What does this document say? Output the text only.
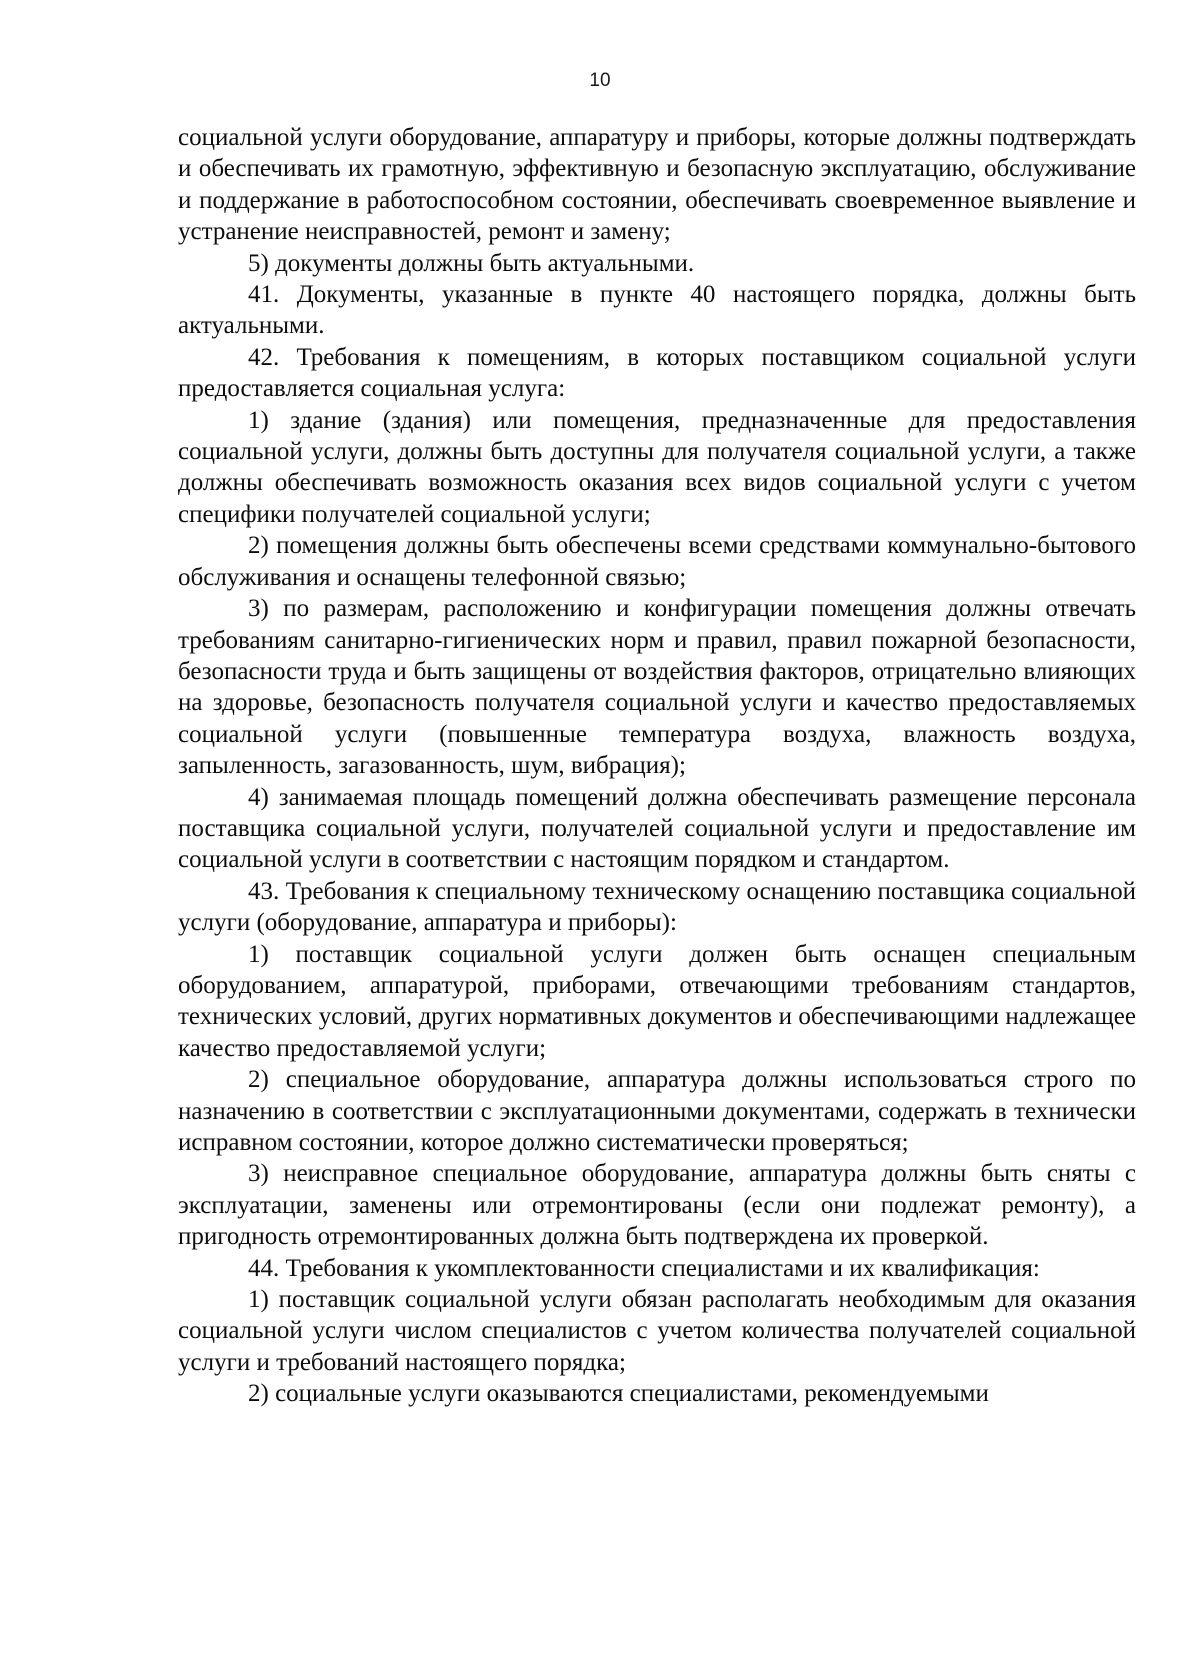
10

социальной услуги оборудование, аппаратуру и приборы, которые должны подтверждать и обеспечивать их грамотную, эффективную и безопасную эксплуатацию, обслуживание и поддержание в работоспособном состоянии, обеспечивать своевременное выявление и устранение неисправностей, ремонт и замену;

5) документы должны быть актуальными.

41. Документы, указанные в пункте 40 настоящего порядка, должны быть актуальными.

42. Требования к помещениям, в которых поставщиком социальной услуги предоставляется социальная услуга:

1) здание (здания) или помещения, предназначенные для предоставления социальной услуги, должны быть доступны для получателя социальной услуги, а также должны обеспечивать возможность оказания всех видов социальной услуги с учетом специфики получателей социальной услуги;

2) помещения должны быть обеспечены всеми средствами коммунально-бытового обслуживания и оснащены телефонной связью;

3) по размерам, расположению и конфигурации помещения должны отвечать требованиям санитарно-гигиенических норм и правил, правил пожарной безопасности, безопасности труда и быть защищены от воздействия факторов, отрицательно влияющих на здоровье, безопасность получателя социальной услуги и качество предоставляемых социальной услуги (повышенные температура воздуха, влажность воздуха, запыленность, загазованность, шум, вибрация);

4) занимаемая площадь помещений должна обеспечивать размещение персонала поставщика социальной услуги, получателей социальной услуги и предоставление им социальной услуги в соответствии с настоящим порядком и стандартом.

43. Требования к специальному техническому оснащению поставщика социальной услуги (оборудование, аппаратура и приборы):

1) поставщик социальной услуги должен быть оснащен специальным оборудованием, аппаратурой, приборами, отвечающими требованиям стандартов, технических условий, других нормативных документов и обеспечивающими надлежащее качество предоставляемой услуги;

2) специальное оборудование, аппаратура должны использоваться строго по назначению в соответствии с эксплуатационными документами, содержать в технически исправном состоянии, которое должно систематически проверяться;

3) неисправное специальное оборудование, аппаратура должны быть сняты с эксплуатации, заменены или отремонтированы (если они подлежат ремонту), а пригодность отремонтированных должна быть подтверждена их проверкой.

44. Требования к укомплектованности специалистами и их квалификация:

1) поставщик социальной услуги обязан располагать необходимым для оказания социальной услуги числом специалистов с учетом количества получателей социальной услуги и требований настоящего порядка;

2) социальные услуги оказываются специалистами, рекомендуемыми
